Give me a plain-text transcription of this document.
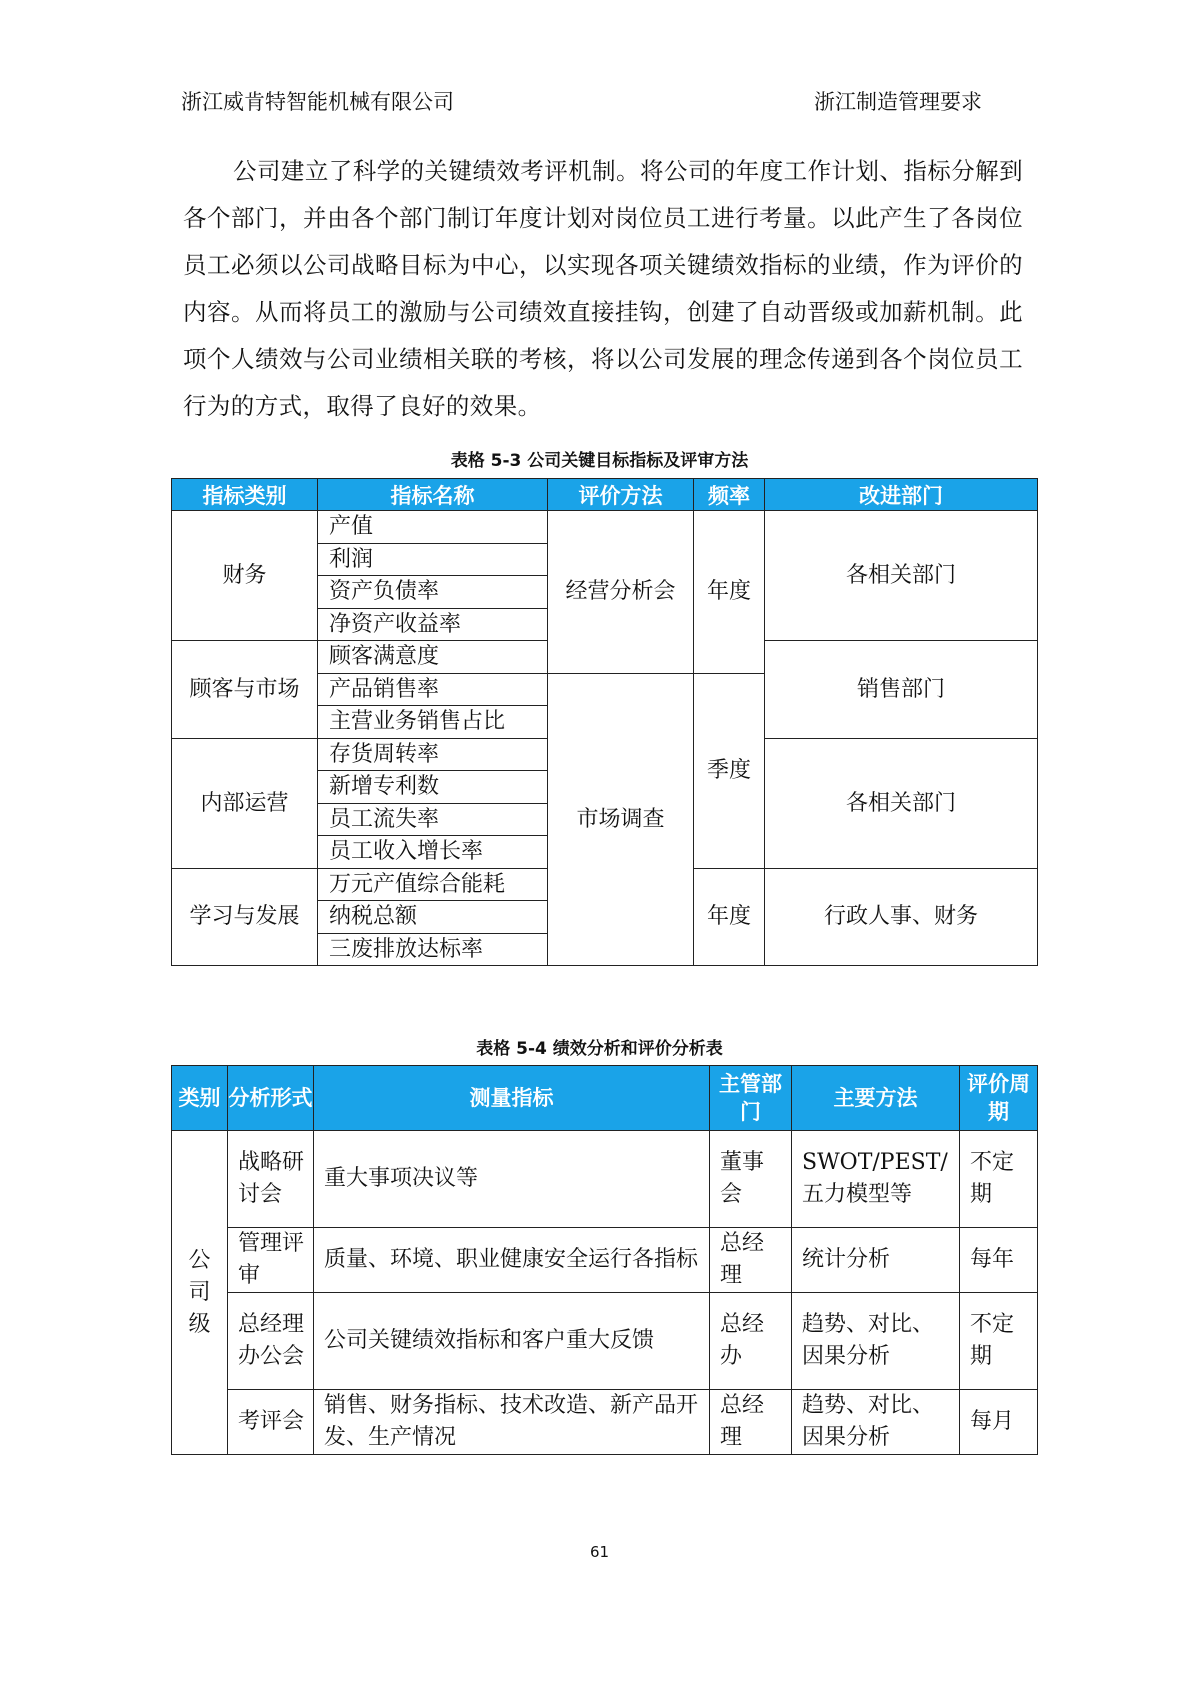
浙江威肯特智能机械有限公司	浙江制造管理要求
公司建立了科学的关键绩效考评机制。将公司的年度工作计划、指标分解到各个部门，并由各个部门制订年度计划对岗位员工进行考量。以此产生了各岗位员工必须以公司战略目标为中心，以实现各项关键绩效指标的业绩，作为评价的内容。从而将员工的激励与公司绩效直接挂钩，创建了自动晋级或加薪机制。此项个人绩效与公司业绩相关联的考核，将以公司发展的理念传递到各个岗位员工行为的方式，取得了良好的效果。
表格 5-3 公司关键目标指标及评审方法
指标类别	指标名称	评价方法	频率	改进部门
财务	产值	经营分析会	年度	各相关部门
	利润			
	资产负债率			
	净资产收益率			
顾客与市场	顾客满意度			销售部门
	产品销售率	市场调查	季度	
	主营业务销售占比			
内部运营	存货周转率			各相关部门
	新增专利数			
	员工流失率			
	员工收入增长率			
学习与发展	万元产值综合能耗		年度	行政人事、财务
	纳税总额			
	三废排放达标率			
表格 5-4 绩效分析和评价分析表
类别	分析形式	测量指标	主管部门	主要方法	评价周期
公司级	战略研讨会	重大事项决议等	董事会	SWOT/PEST/五力模型等	不定期
	管理评审	质量、环境、职业健康安全运行各指标	总经理	统计分析	每年
	总经理办公会	公司关键绩效指标和客户重大反馈	总经办	趋势、对比、因果分析	不定期
	考评会	销售、财务指标、技术改造、新产品开发、生产情况	总经理	趋势、对比、因果分析	每月
61
